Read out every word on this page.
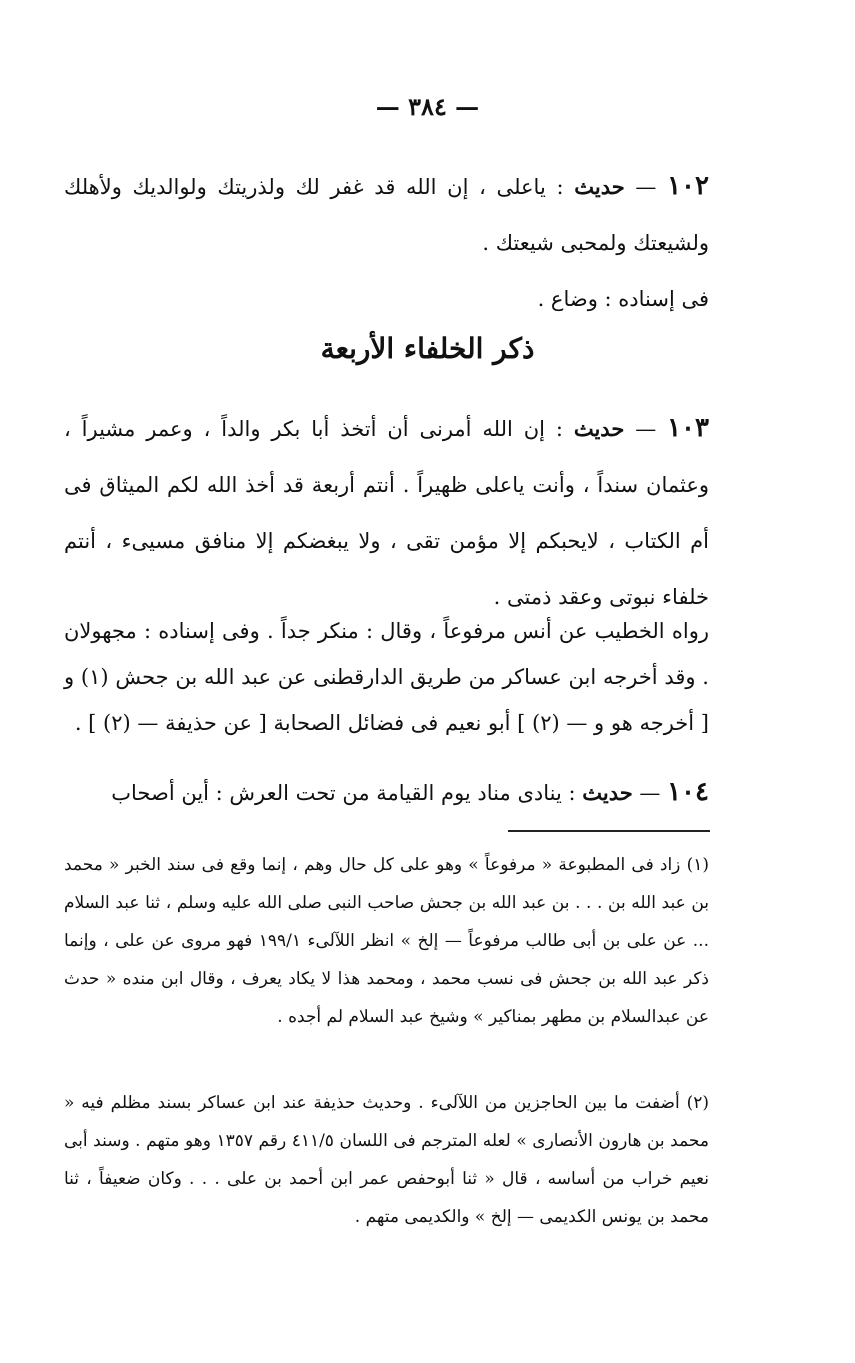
— ٣٨٤ —

١٠٢ — حديث : ياعلى ، إن الله قد غفر لك ولذريتك ولوالديك ولأهلك ولشيعتك ولمحبى شيعتك .

فى إسناده : وضاع .

ذكر الخلفاء الأربعة

١٠٣ — حديث : إن الله أمرنى أن أتخذ أبا بكر والداً ، وعمر مشيراً ، وعثمان سنداً ، وأنت ياعلى ظهيراً . أنتم أربعة قد أخذ الله لكم الميثاق فى أم الكتاب ، لايحبكم إلا مؤمن تقى ، ولا يبغضكم إلا منافق مسيىء ، أنتم خلفاء نبوتى وعقد ذمتى .

رواه الخطيب عن أنس مرفوعاً ، وقال : منكر جداً . وفى إسناده : مجهولان . وقد أخرجه ابن عساكر من طريق الدارقطنى عن عبد الله بن جحش (١) و [ أخرجه هو و — (٢) ] أبو نعيم فى فضائل الصحابة [ عن حذيفة — (٢) ] .

١٠٤ — حديث : ينادى مناد يوم القيامة من تحت العرش : أين أصحاب

(١) زاد فى المطبوعة « مرفوعاً » وهو على كل حال وهم ، إنما وقع فى سند الخبر « محمد بن عبد الله بن . . . بن عبد الله بن جحش صاحب النبى صلى الله عليه وسلم ، ثنا عبد السلام ... عن على بن أبى طالب مرفوعاً — إلخ » انظر اللآلىء ١٩٩/١ فهو مروى عن على ، وإنما ذكر عبد الله بن جحش فى نسب محمد ، ومحمد هذا لا يكاد يعرف ، وقال ابن منده « حدث عن عبدالسلام بن مطهر بمناكير » وشيخ عبد السلام لم أجده .

(٢) أضفت ما بين الحاجزين من اللآلىء . وحديث حذيفة عند ابن عساكر بسند مظلم فيه « محمد بن هارون الأنصارى » لعله المترجم فى اللسان ٤١١/٥ رقم ١٣٥٧ وهو متهم . وسند أبى نعيم خراب من أساسه ، قال « ثنا أبوحفص عمر ابن أحمد بن على . . . وكان ضعيفاً ، ثنا محمد بن يونس الكديمى — إلخ » والكديمى متهم .
